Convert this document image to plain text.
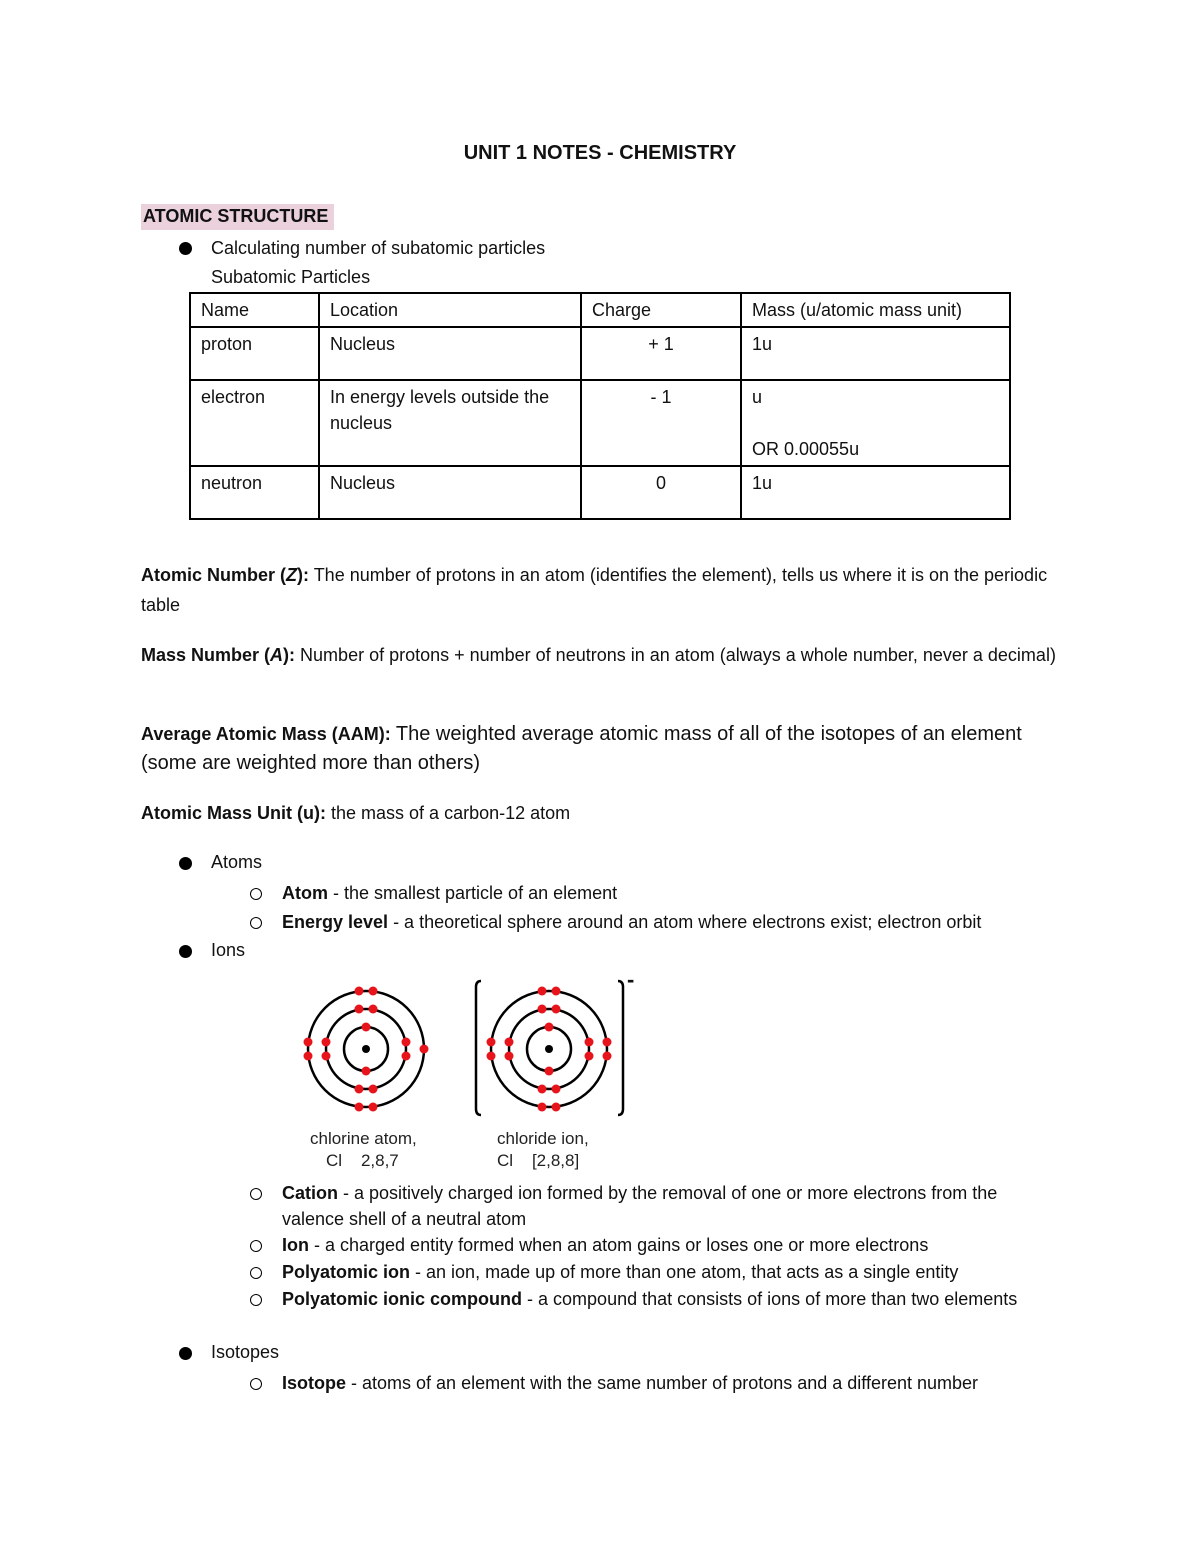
UNIT 1 NOTES - CHEMISTRY
ATOMIC STRUCTURE
Calculating number of subatomic particles
Subatomic Particles
Name	Location	Charge	Mass (u/atomic mass unit)
proton	Nucleus	+ 1	1u

electron	In energy levels outside the nucleus	- 1	u
OR 0.00055u

neutron	Nucleus	0	1u
Atomic Number (Z): The number of protons in an atom (identifies the element), tells us where it is on the periodic table
Mass Number (A): Number of protons + number of neutrons in an atom (always a whole number, never a decimal)
Average Atomic Mass (AAM): The weighted average atomic mass of all of the isotopes of an element (some are weighted more than others)
Atomic Mass Unit (u): the mass of a carbon-12 atom
Atoms
Atom - the smallest particle of an element
Energy level - a theoretical sphere around an atom where electrons exist; electron orbit
Ions
-
chlorine atom,
Cl    2,8,7
chloride ion,
Cl    [2,8,8]
Cation - a positively charged ion formed by the removal of one or more electrons from the valence shell of a neutral atom
Ion - a charged entity formed when an atom gains or loses one or more electrons
Polyatomic ion - an ion, made up of more than one atom, that acts as a single entity
Polyatomic ionic compound - a compound that consists of ions of more than two elements
Isotopes
Isotope - atoms of an element with the same number of protons and a different number
